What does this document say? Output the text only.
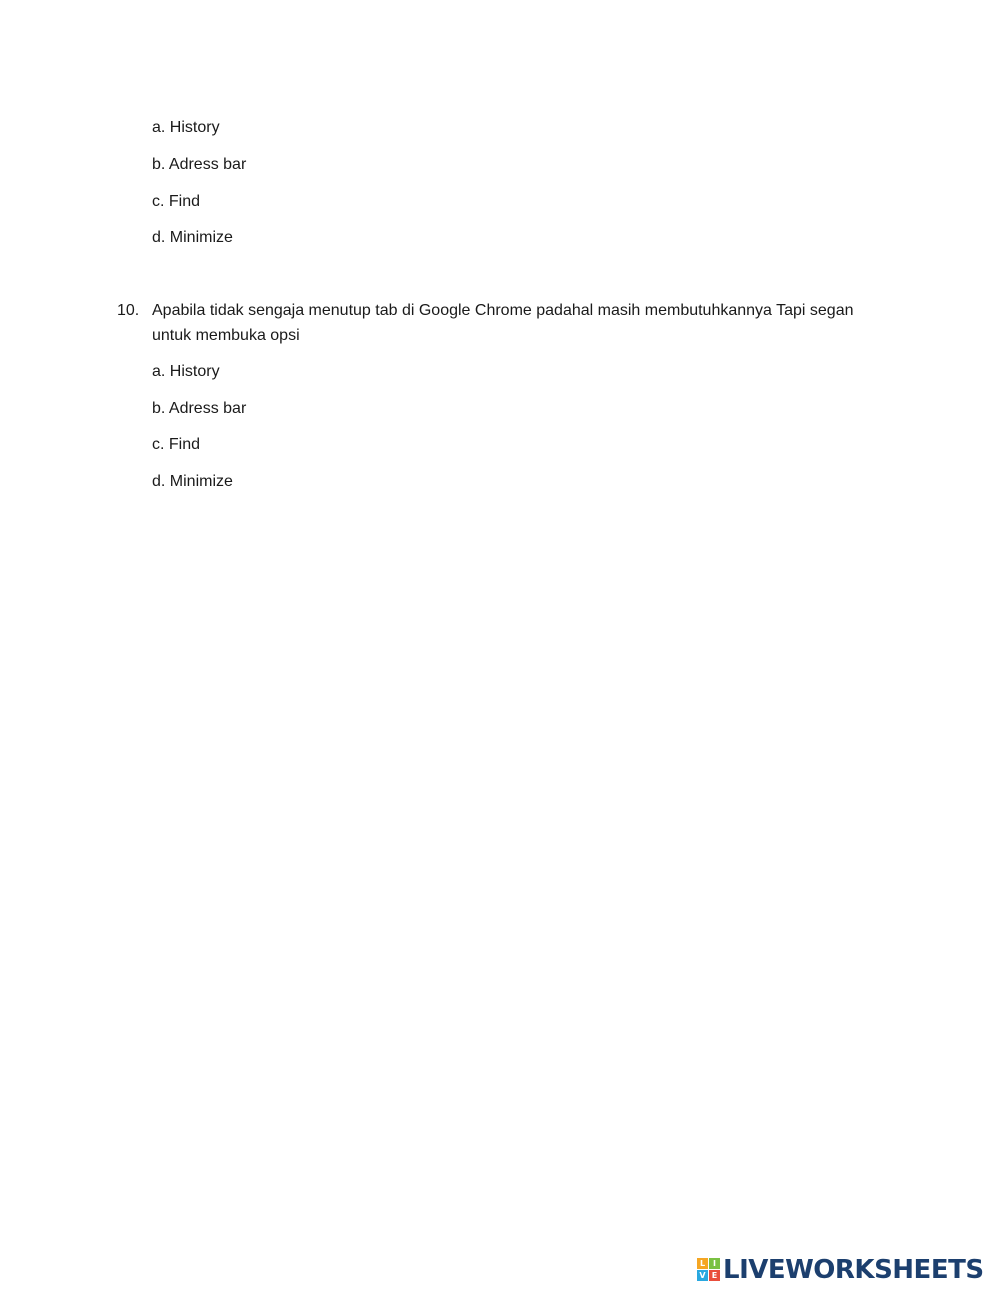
a. History
b. Adress bar
c. Find
d. Minimize
10. Apabila tidak sengaja menutup tab di Google Chrome padahal masih membutuhkannya Tapi segan
untuk membuka opsi
a. History
b. Adress bar
c. Find
d. Minimize
L I
V E LIVEWORKSHEETS
